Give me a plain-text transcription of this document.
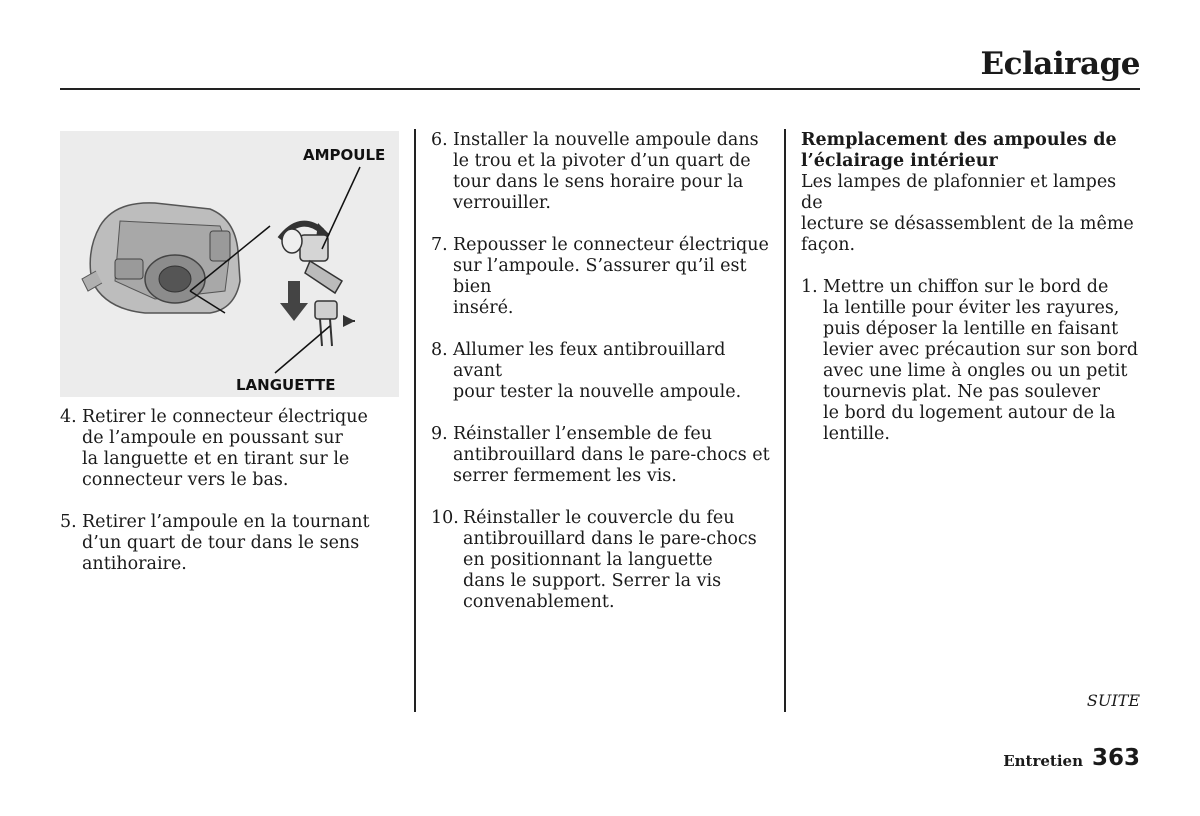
Eclairage
AMPOULE
LANGUETTE
4. Retirer le connecteur électrique

de l’ampoule en poussant sur

la languette et en tirant sur le

connecteur vers le bas.

5. Retirer l’ampoule en la tournant

d’un quart de tour dans le sens

antihoraire.

6. Installer la nouvelle ampoule dans

le trou et la pivoter d’un quart de

tour dans le sens horaire pour la

verrouiller.

7. Repousser le connecteur électrique

sur l’ampoule. S’assurer qu’il est bien

inséré.

8. Allumer les feux antibrouillard avant

pour tester la nouvelle ampoule.

9. Réinstaller l’ensemble de feu

antibrouillard dans le pare-chocs et

serrer fermement les vis.

10. Réinstaller le couvercle du feu

antibrouillard dans le pare-chocs

en positionnant la languette

dans le support. Serrer la vis

convenablement.

Remplacement des ampoules de

l’éclairage intérieur

Les lampes de plafonnier et lampes de

lecture se désassemblent de la même

façon.

1. Mettre un chiffon sur le bord de

la lentille pour éviter les rayures,

puis déposer la lentille en faisant

levier avec précaution sur son bord

avec une lime à ongles ou un petit

tournevis plat. Ne pas soulever

le bord du logement autour de la

lentille.

SUITE
Entretien 363
